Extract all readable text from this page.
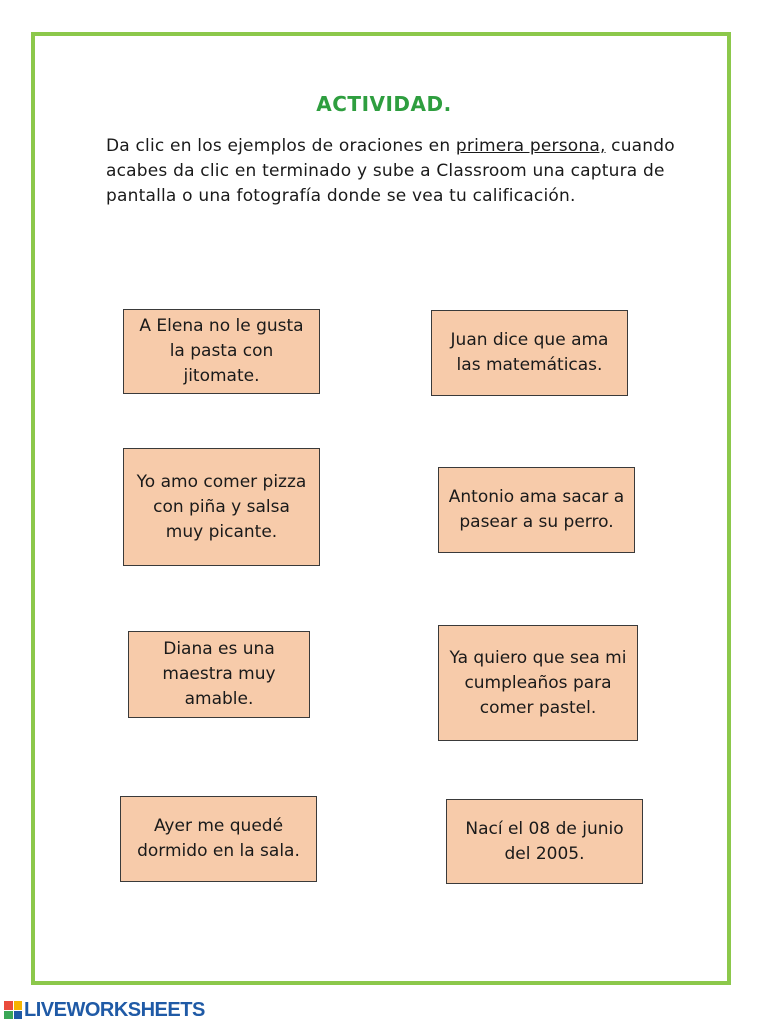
ACTIVIDAD.
Da clic en los ejemplos de oraciones en primera persona, cuando acabes da clic en terminado y sube a Classroom una captura de pantalla o una fotografía donde se vea tu calificación.
A Elena no le gusta la pasta con jitomate.
Juan dice que ama las matemáticas.
Yo amo comer pizza con piña y salsa muy picante.
Antonio ama sacar a pasear a su perro.
Diana es una maestra muy amable.
Ya quiero que sea mi cumpleaños para comer pastel.
Ayer me quedé dormido en la sala.
Nací el 08 de junio del 2005.
LIVEWORKSHEETS
